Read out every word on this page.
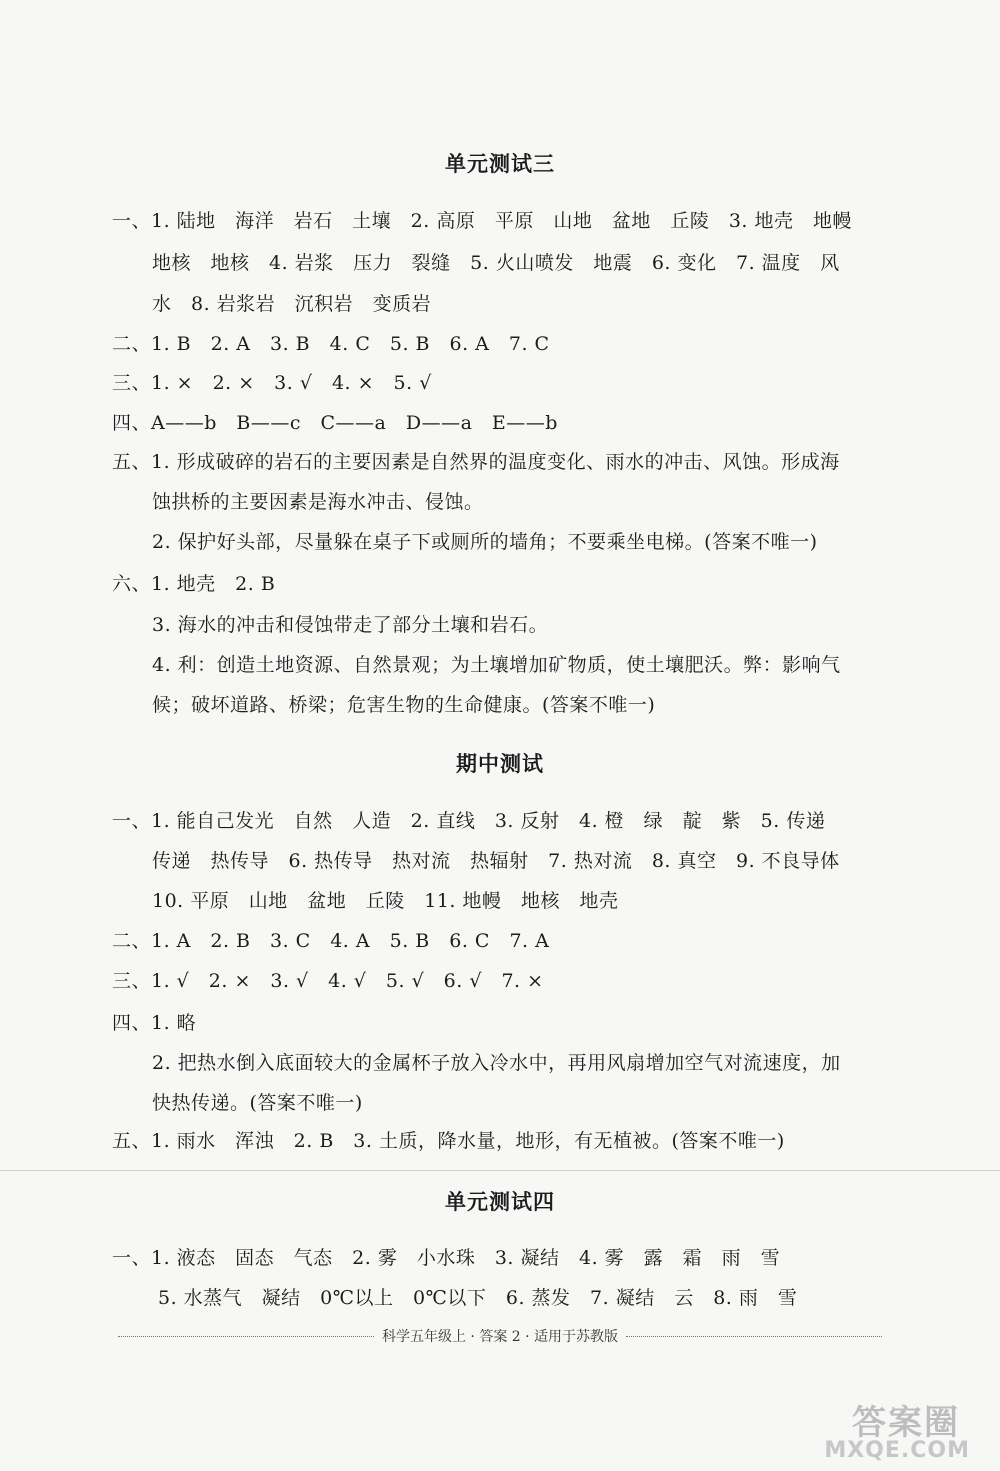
单元测试三
一、1. 陆地　海洋　岩石　土壤　2. 高原　平原　山地　盆地　丘陵　3. 地壳　地幔
地核　地核　4. 岩浆　压力　裂缝　5. 火山喷发　地震　6. 变化　7. 温度　风
水　8. 岩浆岩　沉积岩　变质岩
二、1. B　2. A　3. B　4. C　5. B　6. A　7. C
三、1. ×　2. ×　3. √　4. ×　5. √
四、A——b　B——c　C——a　D——a　E——b
五、1. 形成破碎的岩石的主要因素是自然界的温度变化、雨水的冲击、风蚀。形成海
蚀拱桥的主要因素是海水冲击、侵蚀。
2. 保护好头部，尽量躲在桌子下或厕所的墙角；不要乘坐电梯。(答案不唯一)
六、1. 地壳　2. B
3. 海水的冲击和侵蚀带走了部分土壤和岩石。
4. 利：创造土地资源、自然景观；为土壤增加矿物质，使土壤肥沃。弊：影响气
候；破坏道路、桥梁；危害生物的生命健康。(答案不唯一)
期中测试
一、1. 能自己发光　自然　人造　2. 直线　3. 反射　4. 橙　绿　靛　紫　5. 传递
传递　热传导　6. 热传导　热对流　热辐射　7. 热对流　8. 真空　9. 不良导体
10. 平原　山地　盆地　丘陵　11. 地幔　地核　地壳
二、1. A　2. B　3. C　4. A　5. B　6. C　7. A
三、1. √　2. ×　3. √　4. √　5. √　6. √　7. ×
四、1. 略
2. 把热水倒入底面较大的金属杯子放入冷水中，再用风扇增加空气对流速度，加
快热传递。(答案不唯一)
五、1. 雨水　浑浊　2. B　3. 土质，降水量，地形，有无植被。(答案不唯一)
单元测试四
一、1. 液态　固态　气态　2. 雾　小水珠　3. 凝结　4. 雾　露　霜　雨　雪
5. 水蒸气　凝结　0℃以上　0℃以下　6. 蒸发　7. 凝结　云　8. 雨　雪
科学五年级上 · 答案 2 · 适用于苏教版
答案圈
MXQE.COM
